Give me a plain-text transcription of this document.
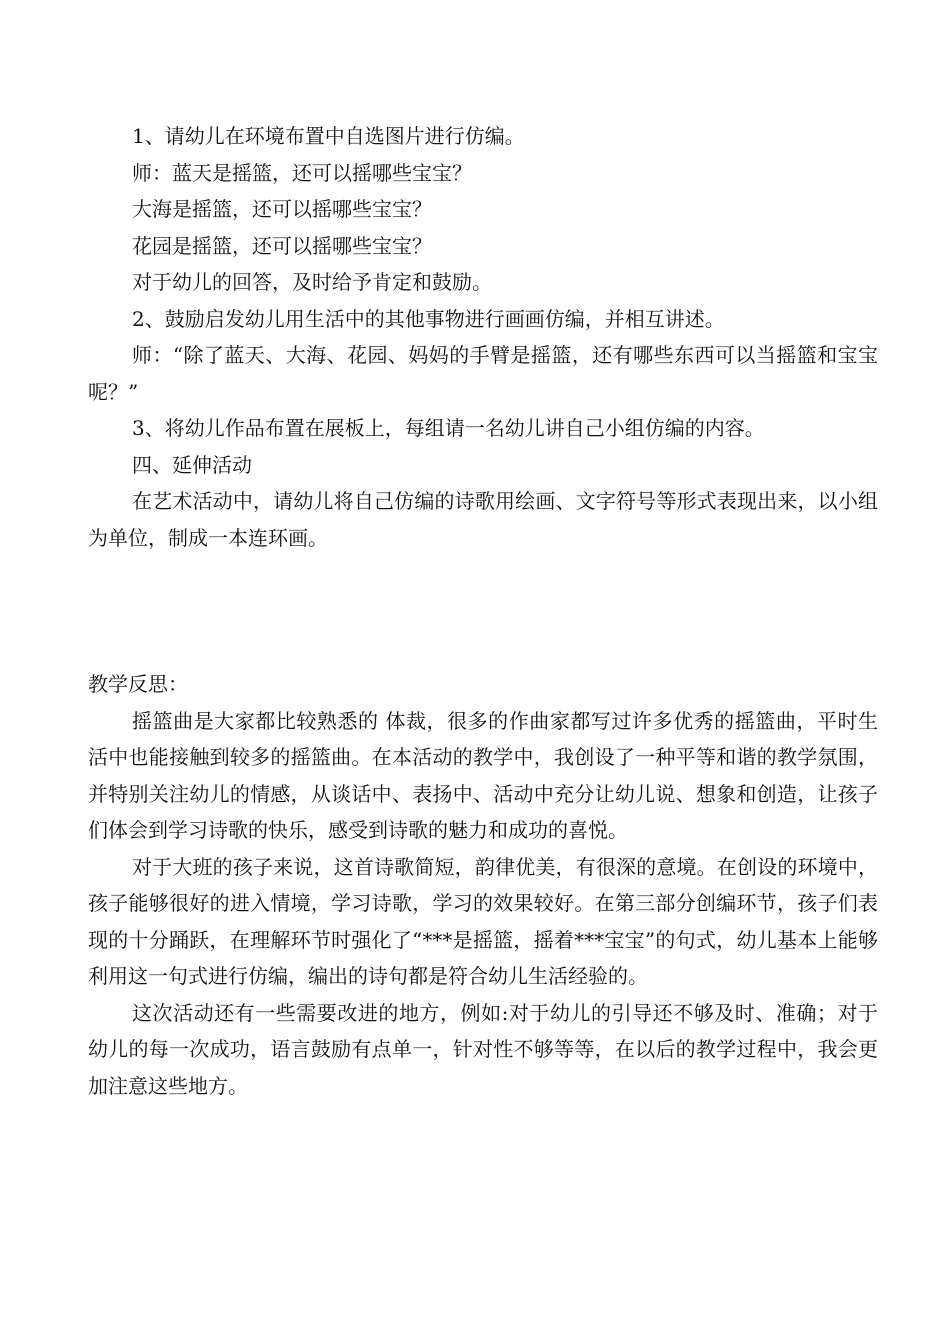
1、请幼儿在环境布置中自选图片进行仿编。

师：蓝天是摇篮，还可以摇哪些宝宝？

大海是摇篮，还可以摇哪些宝宝？

花园是摇篮，还可以摇哪些宝宝？

对于幼儿的回答，及时给予肯定和鼓励。

2、鼓励启发幼儿用生活中的其他事物进行画画仿编，并相互讲述。

师：“除了蓝天、大海、花园、妈妈的手臂是摇篮，还有哪些东西可以当摇篮和宝宝呢？”

3、将幼儿作品布置在展板上，每组请一名幼儿讲自己小组仿编的内容。

四、延伸活动

在艺术活动中，请幼儿将自己仿编的诗歌用绘画、文字符号等形式表现出来，以小组为单位，制成一本连环画。

教学反思：

摇篮曲是大家都比较熟悉的 体裁，很多的作曲家都写过许多优秀的摇篮曲，平时生活中也能接触到较多的摇篮曲。在本活动的教学中，我创设了一种平等和谐的教学氛围，并特别关注幼儿的情感，从谈话中、表扬中、活动中充分让幼儿说、想象和创造，让孩子们体会到学习诗歌的快乐，感受到诗歌的魅力和成功的喜悦。

对于大班的孩子来说，这首诗歌简短，韵律优美，有很深的意境。在创设的环境中，孩子能够很好的进入情境，学习诗歌，学习的效果较好。在第三部分创编环节，孩子们表现的十分踊跃，在理解环节时强化了“***是摇篮，摇着***宝宝”的句式，幼儿基本上能够利用这一句式进行仿编，编出的诗句都是符合幼儿生活经验的。

这次活动还有一些需要改进的地方，例如:对于幼儿的引导还不够及时、准确；对于幼儿的每一次成功，语言鼓励有点单一，针对性不够等等，在以后的教学过程中，我会更加注意这些地方。
